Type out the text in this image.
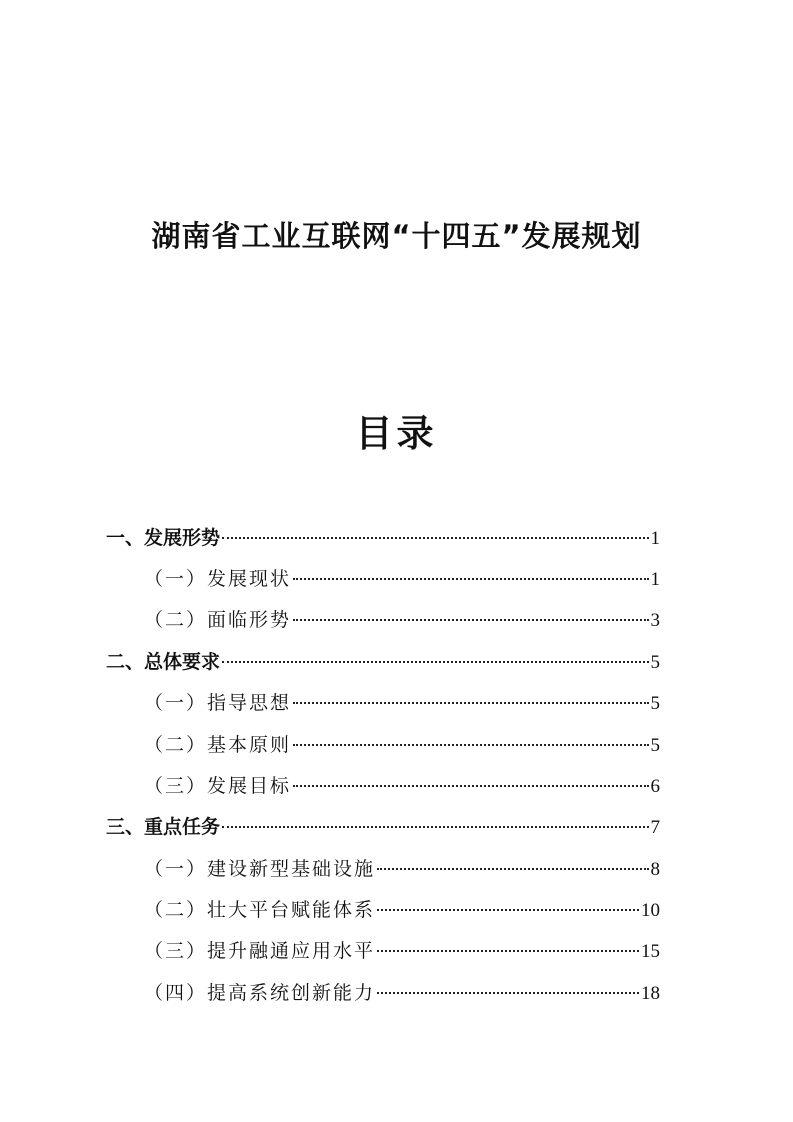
湖南省工业互联网“十四五”发展规划
目录
一、发展形势	1
（一）发展现状	1
（二）面临形势	3
二、总体要求	5
（一）指导思想	5
（二）基本原则	5
（三）发展目标	6
三、重点任务	7
（一）建设新型基础设施	8
（二）壮大平台赋能体系	10
（三）提升融通应用水平	15
（四）提高系统创新能力	18
